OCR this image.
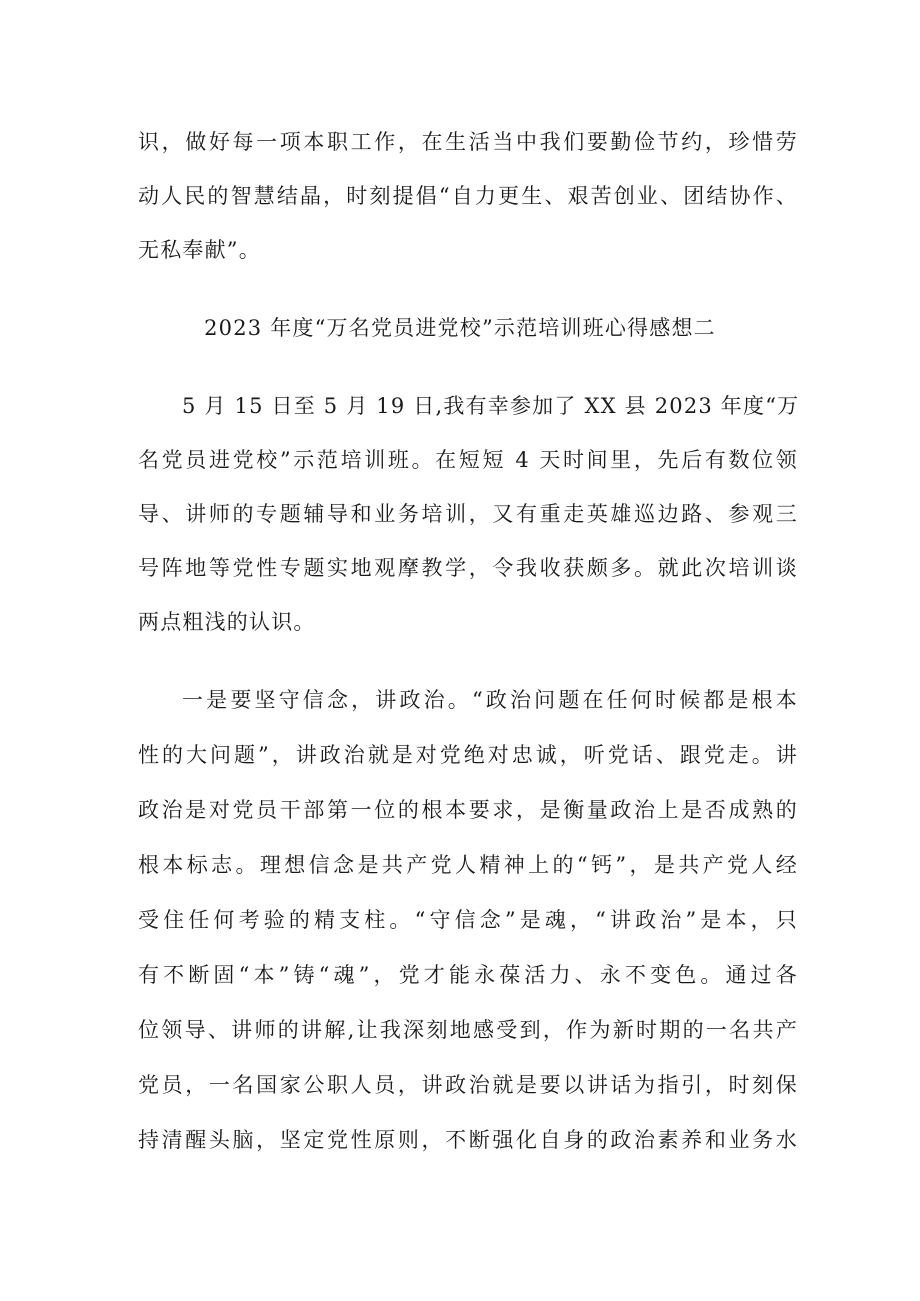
识，做好每一项本职工作，在生活当中我们要勤俭节约，珍惜劳
动人民的智慧结晶，时刻提倡“自力更生、艰苦创业、团结协作、
无私奉献”。
2023 年度“万名党员进党校”示范培训班心得感想二
5 月 15 日至 5 月 19 日,我有幸参加了 XX 县 2023 年度“万
名党员进党校”示范培训班。在短短 4 天时间里，先后有数位领
导、讲师的专题辅导和业务培训，又有重走英雄巡边路、参观三
号阵地等党性专题实地观摩教学，令我收获颇多。就此次培训谈
两点粗浅的认识。
一是要坚守信念，讲政治。“政治问题在任何时候都是根本
性的大问题”，讲政治就是对党绝对忠诚，听党话、跟党走。讲
政治是对党员干部第一位的根本要求，是衡量政治上是否成熟的
根本标志。理想信念是共产党人精神上的“钙”，是共产党人经
受住任何考验的精支柱。“守信念”是魂，“讲政治”是本，只
有不断固“本”铸“魂”，党才能永葆活力、永不变色。通过各
位领导、讲师的讲解,让我深刻地感受到，作为新时期的一名共产
党员，一名国家公职人员，讲政治就是要以讲话为指引，时刻保
持清醒头脑，坚定党性原则，不断强化自身的政治素养和业务水
